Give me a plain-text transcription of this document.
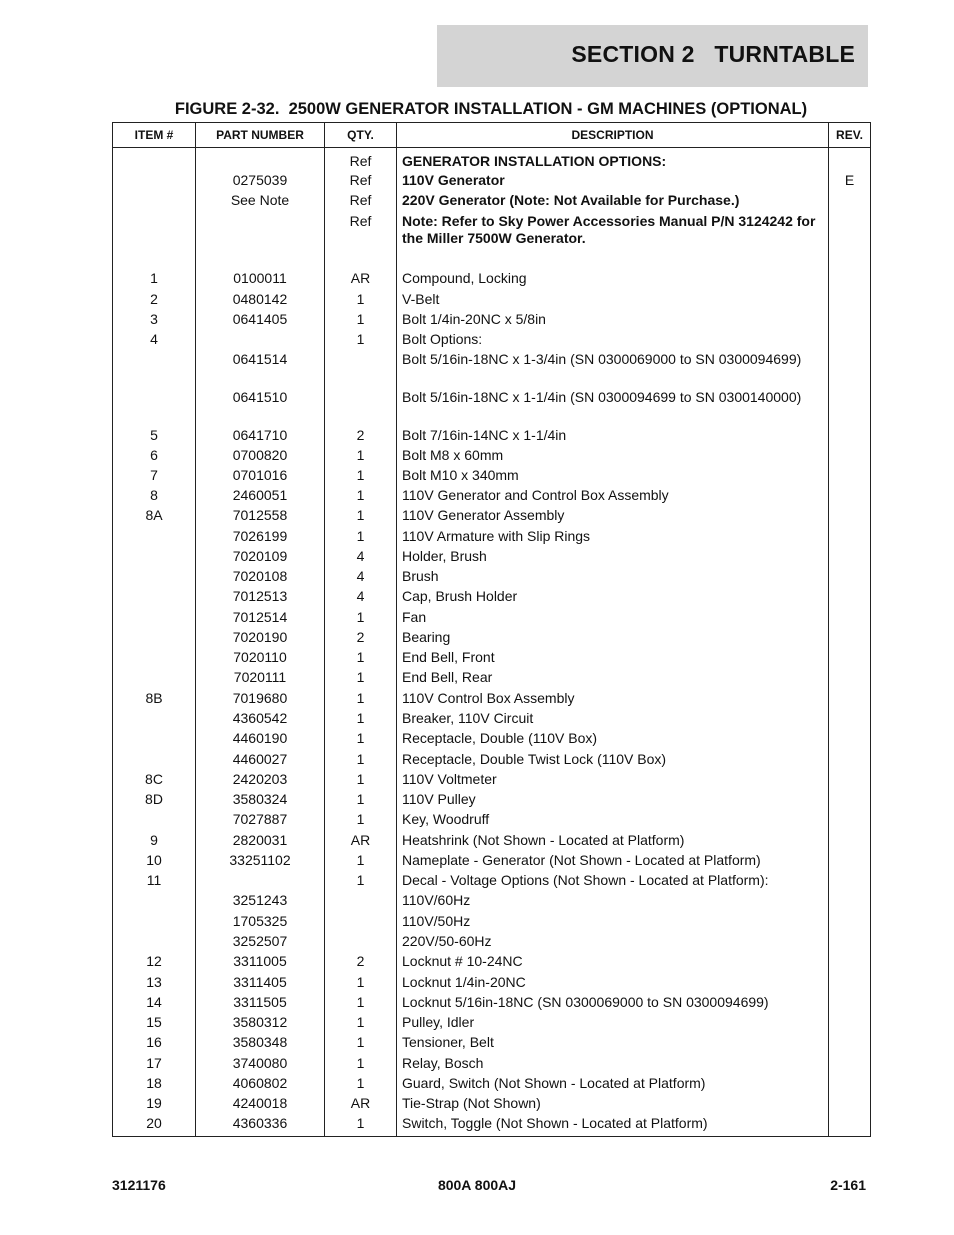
SECTION 2   TURNTABLE
FIGURE 2-32.  2500W GENERATOR INSTALLATION - GM MACHINES (OPTIONAL)
ITEM #	PART NUMBER	QTY.	DESCRIPTION	REV.
		Ref	GENERATOR INSTALLATION OPTIONS:	
	0275039	Ref	110V Generator	E
	See Note	Ref	220V Generator (Note: Not Available for Purchase.)	
		Ref	Note: Refer to Sky Power Accessories Manual P/N 3124242 for the Miller 7500W Generator.	
1	0100011	AR	Compound, Locking	
2	0480142	1	V-Belt	
3	0641405	1	Bolt 1/4in-20NC x 5/8in	
4		1	Bolt Options:	
	0641514		Bolt 5/16in-18NC x 1-3/4in (SN 0300069000 to SN 0300094699)	
	0641510		Bolt 5/16in-18NC x 1-1/4in (SN 0300094699 to SN 0300140000)	
5	0641710	2	Bolt 7/16in-14NC x 1-1/4in	
6	0700820	1	Bolt M8 x 60mm	
7	0701016	1	Bolt M10 x 340mm	
8	2460051	1	110V Generator and Control Box Assembly	
8A	7012558	1	110V Generator Assembly	
	7026199	1	110V Armature with Slip Rings	
	7020109	4	Holder, Brush	
	7020108	4	Brush	
	7012513	4	Cap, Brush Holder	
	7012514	1	Fan	
	7020190	2	Bearing	
	7020110	1	End Bell, Front	
	7020111	1	End Bell, Rear	
8B	7019680	1	110V Control Box Assembly	
	4360542	1	Breaker, 110V Circuit	
	4460190	1	Receptacle, Double (110V Box)	
	4460027	1	Receptacle, Double Twist Lock (110V Box)	
8C	2420203	1	110V Voltmeter	
8D	3580324	1	110V Pulley	
	7027887	1	Key, Woodruff	
9	2820031	AR	Heatshrink (Not Shown - Located at Platform)	
10	33251102	1	Nameplate - Generator (Not Shown - Located at Platform)	
11		1	Decal - Voltage Options (Not Shown - Located at Platform):	
	3251243		110V/60Hz	
	1705325		110V/50Hz	
	3252507		220V/50-60Hz	
12	3311005	2	Locknut # 10-24NC	
13	3311405	1	Locknut 1/4in-20NC	
14	3311505	1	Locknut 5/16in-18NC (SN 0300069000 to SN 0300094699)	
15	3580312	1	Pulley, Idler	
16	3580348	1	Tensioner, Belt	
17	3740080	1	Relay, Bosch	
18	4060802	1	Guard, Switch (Not Shown - Located at Platform)	
19	4240018	AR	Tie-Strap (Not Shown)	
20	4360336	1	Switch, Toggle (Not Shown - Located at Platform)	
3121176	800A 800AJ	2-161
